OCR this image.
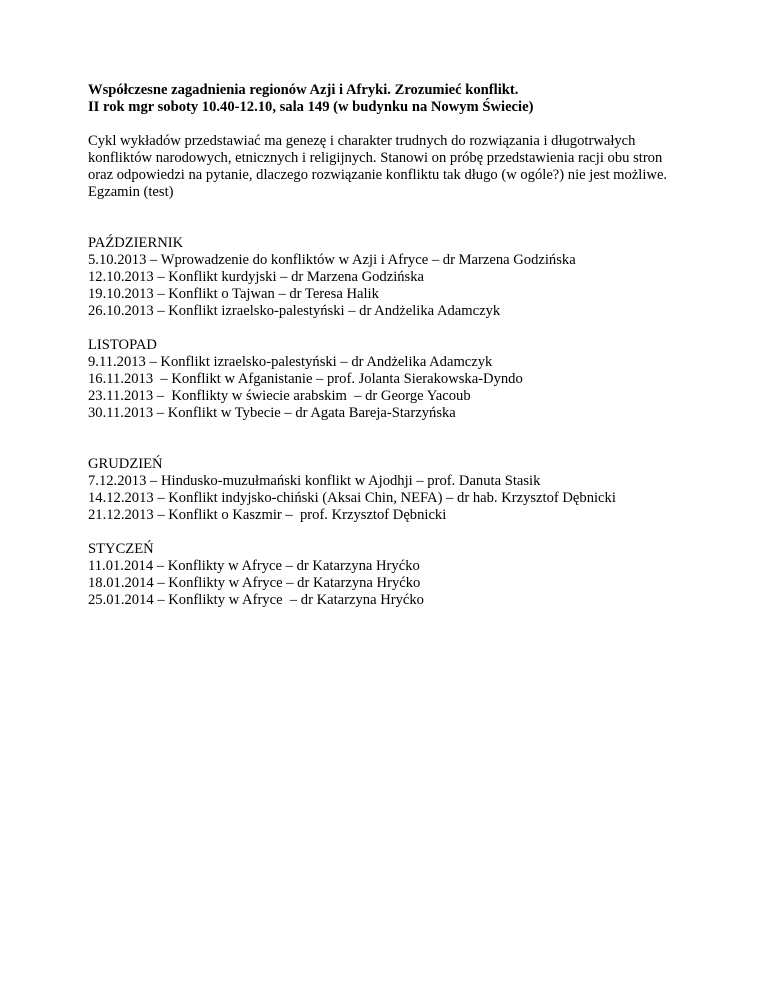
Współczesne zagadnienia regionów Azji i Afryki. Zrozumieć konflikt.
II rok mgr soboty 10.40-12.10, sala 149 (w budynku na Nowym Świecie)

Cykl wykładów przedstawiać ma genezę i charakter trudnych do rozwiązania i długotrwałych konfliktów narodowych, etnicznych i religijnych. Stanowi on próbę przedstawienia racji obu stron oraz odpowiedzi na pytanie, dlaczego rozwiązanie konfliktu tak długo (w ogóle?) nie jest możliwe.

Egzamin (test)

PAŹDZIERNIK
5.10.2013 – Wprowadzenie do konfliktów w Azji i Afryce – dr Marzena Godzińska
12.10.2013 – Konflikt kurdyjski – dr Marzena Godzińska
19.10.2013 – Konflikt o Tajwan – dr Teresa Halik
26.10.2013 – Konflikt izraelsko-palestyński – dr Andżelika Adamczyk
LISTOPAD
9.11.2013 – Konflikt izraelsko-palestyński – dr Andżelika Adamczyk
16.11.2013  – Konflikt w Afganistanie – prof. Jolanta Sierakowska-Dyndo
23.11.2013 –  Konflikty w świecie arabskim  – dr George Yacoub
30.11.2013 – Konflikt w Tybecie – dr Agata Bareja-Starzyńska
GRUDZIEŃ
7.12.2013 – Hindusko-muzułmański konflikt w Ajodhji – prof. Danuta Stasik
14.12.2013 – Konflikt indyjsko-chiński (Aksai Chin, NEFA) – dr hab. Krzysztof Dębnicki
21.12.2013 – Konflikt o Kaszmir –  prof. Krzysztof Dębnicki
STYCZEŃ
11.01.2014 – Konflikty w Afryce – dr Katarzyna Hryćko
18.01.2014 – Konflikty w Afryce – dr Katarzyna Hryćko
25.01.2014 – Konflikty w Afryce  – dr Katarzyna Hryćko
